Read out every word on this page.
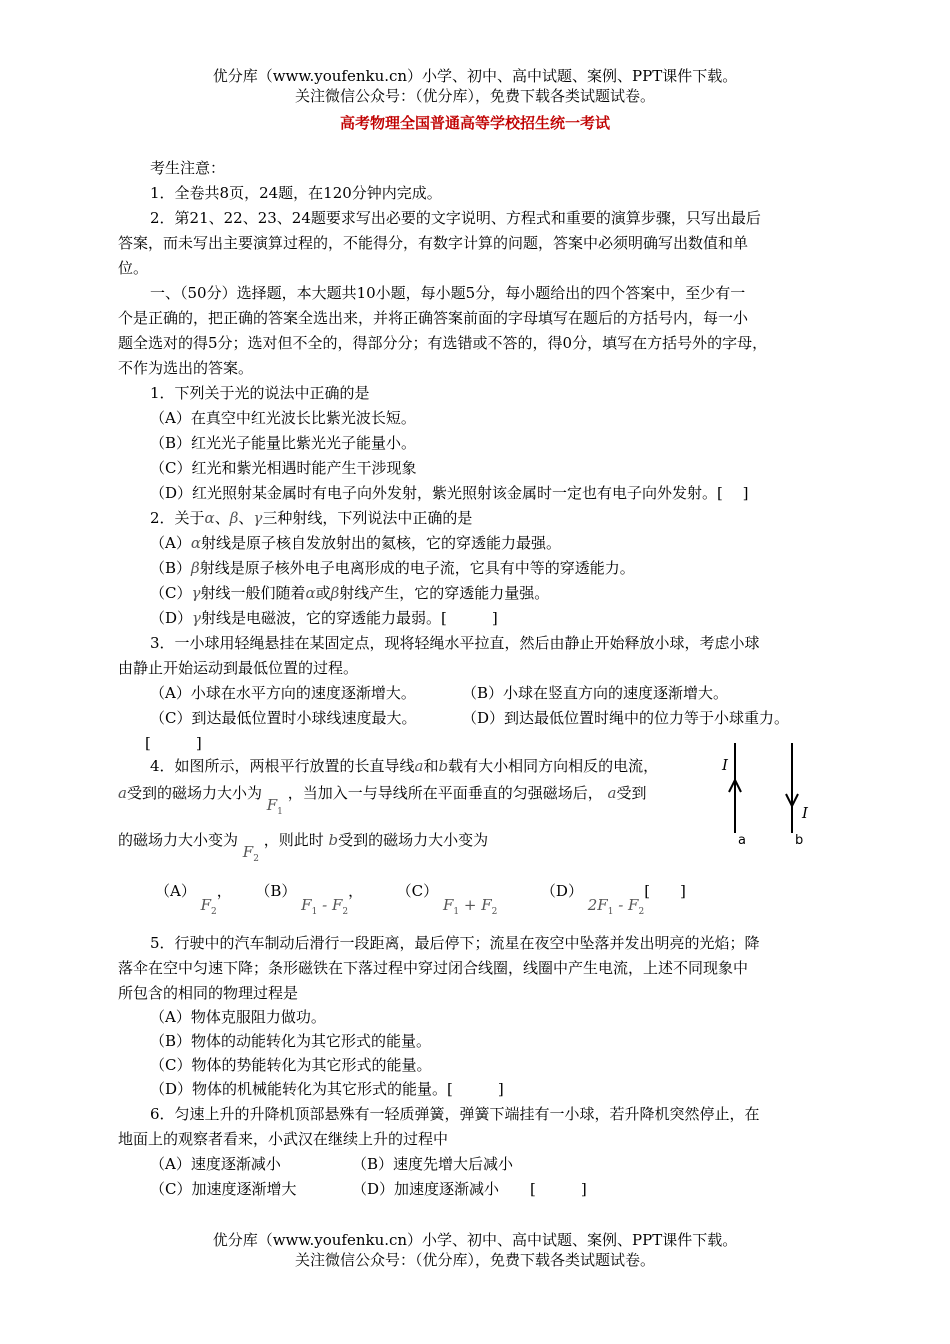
优分库（www.youfenku.cn）小学、初中、高中试题、案例、PPT课件下载。
关注微信公众号：（优分库），免费下载各类试题试卷。
高考物理全国普通高等学校招生统一考试
考生注意：
1．全卷共8页，24题，在120分钟内完成。
2．第21、22、23、24题要求写出必要的文字说明、方程式和重要的演算步骤，只写出最后
答案，而未写出主要演算过程的，不能得分，有数字计算的问题，答案中必须明确写出数值和单
位。
一、（50分）选择题，本大题共10小题，每小题5分，每小题给出的四个答案中，至少有一
个是正确的，把正确的答案全选出来，并将正确答案前面的字母填写在题后的方括号内，每一小
题全选对的得5分；选对但不全的，得部分分；有选错或不答的，得0分，填写在方括号外的字母，
不作为选出的答案。
1．下列关于光的说法中正确的是
（A）在真空中红光波长比紫光波长短。
（B）红光光子能量比紫光光子能量小。
（C）红光和紫光相遇时能产生干涉现象
（D）红光照射某金属时有电子向外发射，紫光照射该金属时一定也有电子向外发射。[　 ]
2．关于α、β、γ三种射线，下列说法中正确的是
（A）α射线是原子核自发放射出的氦核，它的穿透能力最强。
（B）β射线是原子核外电子电离形成的电子流，它具有中等的穿透能力。
（C）γ射线一般们随着α或β射线产生，它的穿透能力量强。
（D）γ射线是电磁波，它的穿透能力最弱。[　　　]
3．一小球用轻绳悬挂在某固定点，现将轻绳水平拉直，然后由静止开始释放小球，考虑小球
由静止开始运动到最低位置的过程。
（A）小球在水平方向的速度逐渐增大。	（B）小球在竖直方向的速度逐渐增大。
（C）到达最低位置时小球线速度最大。	（D）到达最低位置时绳中的位力等于小球重力。
[　　　]
4．如图所示，两根平行放置的长直导线a和b载有大小相同方向相反的电流，
a受到的磁场力大小为 $F_1$ ，当加入一与导线所在平面垂直的匀强磁场后， a受到
的磁场力大小变为 $F_2$ ，则此时 b受到的磁场力大小变为
I
I
a	b
（A） $F_2$， （B） $F_1 - F_2$， （C） $F_1 + F_2$  （D） $2F_1 - F_2$[　　]
5．行驶中的汽车制动后滑行一段距离，最后停下；流星在夜空中坠落并发出明亮的光焰；降
落伞在空中匀速下降；条形磁铁在下落过程中穿过闭合线圈，线圈中产生电流，上述不同现象中
所包含的相同的物理过程是
（A）物体克服阻力做功。
（B）物体的动能转化为其它形式的能量。
（C）物体的势能转化为其它形式的能量。
（D）物体的机械能转化为其它形式的能量。[　　　]
6．匀速上升的升降机顶部悬殊有一轻质弹簧，弹簧下端挂有一小球，若升降机突然停止，在
地面上的观察者看来，小武汉在继续上升的过程中
（A）速度逐渐减小	（B）速度先增大后减小
（C）加速度逐渐增大	（D）加速度逐渐减小 [　　　]
优分库（www.youfenku.cn）小学、初中、高中试题、案例、PPT课件下载。
关注微信公众号：（优分库），免费下载各类试题试卷。
